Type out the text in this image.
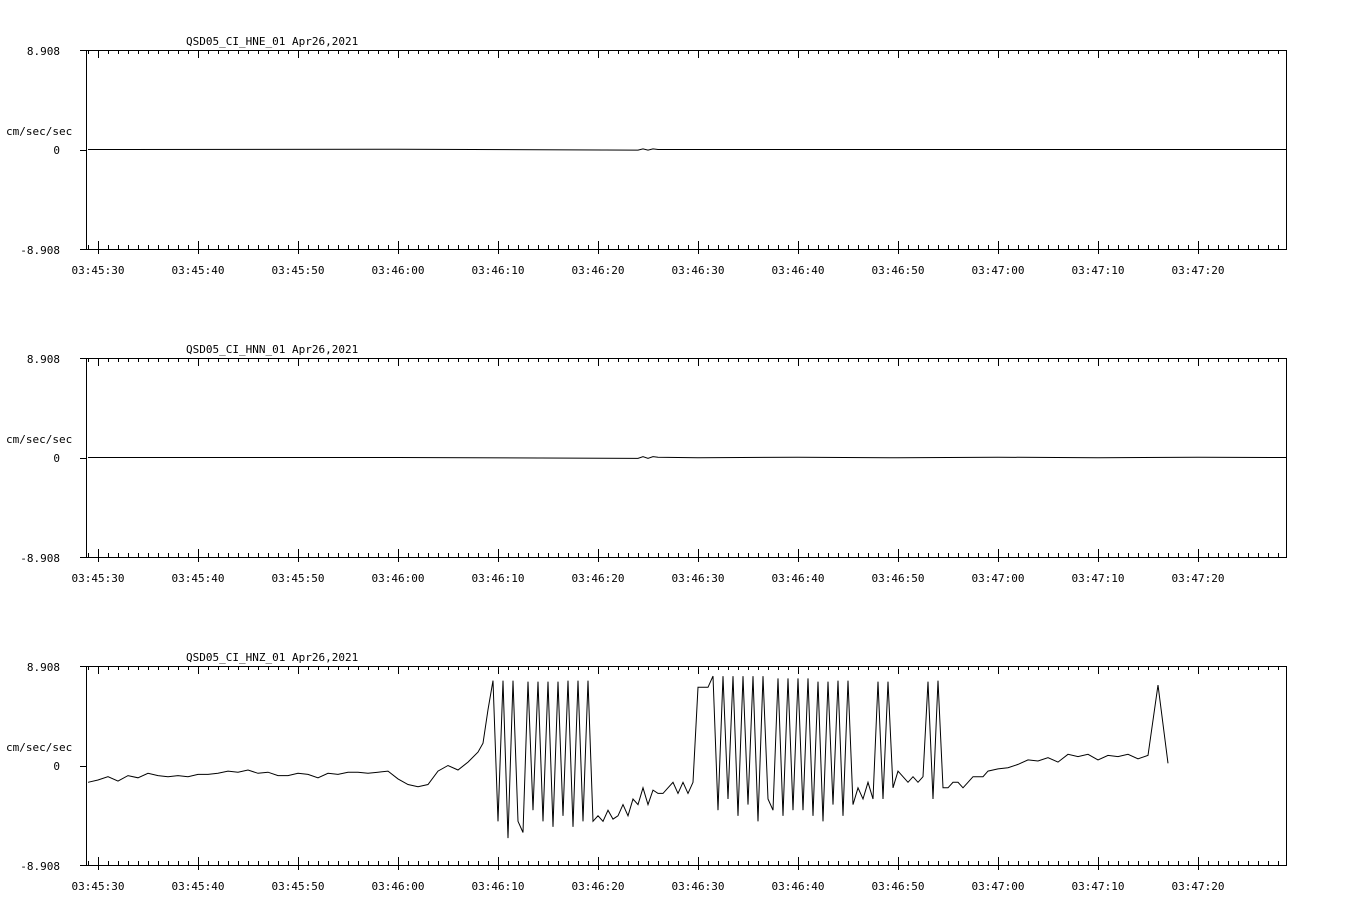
QSD05_CI_HNE_01 Apr26,2021
cm/sec/sec
8.908
0
-8.908
03:45:30	03:45:40	03:45:50	03:46:00	03:46:10	03:46:20	03:46:30	03:46:40	03:46:50	03:47:00	03:47:10	03:47:20
QSD05_CI_HNN_01 Apr26,2021
cm/sec/sec
8.908
0
-8.908
03:45:30	03:45:40	03:45:50	03:46:00	03:46:10	03:46:20	03:46:30	03:46:40	03:46:50	03:47:00	03:47:10	03:47:20
QSD05_CI_HNZ_01 Apr26,2021
cm/sec/sec
8.908
0
-8.908
03:45:30	03:45:40	03:45:50	03:46:00	03:46:10	03:46:20	03:46:30	03:46:40	03:46:50	03:47:00	03:47:10	03:47:20
